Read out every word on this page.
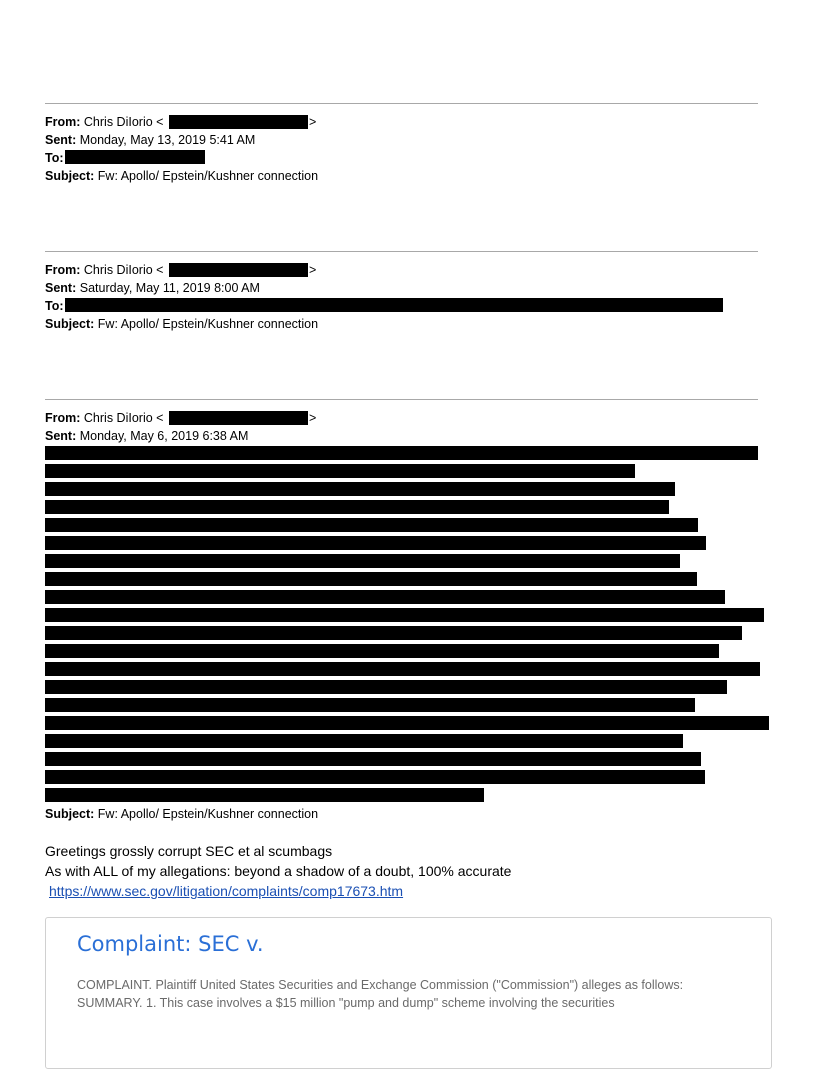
From: Chris DiIorio <	>
Sent: Monday, May 13, 2019 5:41 AM
To:
Subject: Fw: Apollo/ Epstein/Kushner connection
From: Chris DiIorio <	>
Sent: Saturday, May 11, 2019 8:00 AM
To:
Subject: Fw: Apollo/ Epstein/Kushner connection
From: Chris DiIorio <	>
Sent: Monday, May 6, 2019 6:38 AM
Subject: Fw: Apollo/ Epstein/Kushner connection
Greetings grossly corrupt SEC et al scumbags
As with ALL of my allegations: beyond a shadow of a doubt, 100% accurate
https://www.sec.gov/litigation/complaints/comp17673.htm
Complaint: SEC v.
COMPLAINT. Plaintiff United States Securities and Exchange Commission ("Commission") alleges as follows: SUMMARY. 1. This case involves a $15 million "pump and dump" scheme involving the securities
